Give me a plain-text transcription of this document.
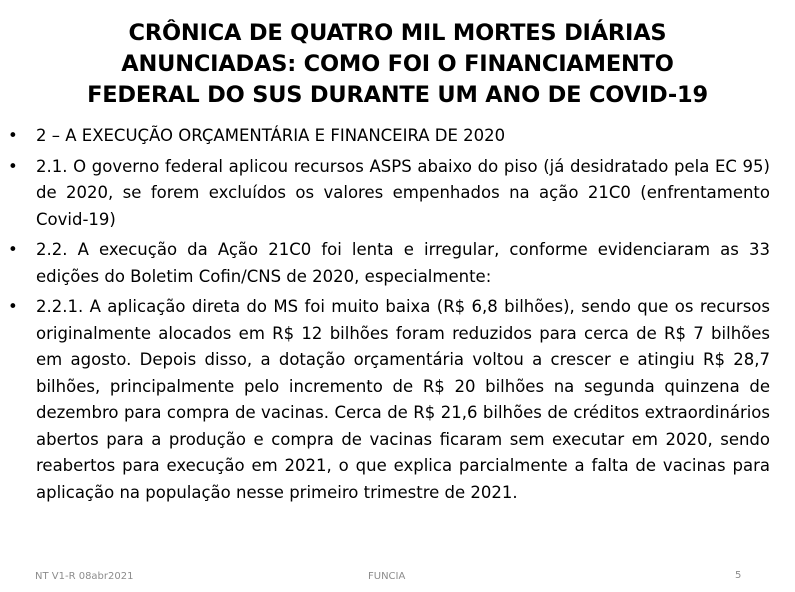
CRÔNICA DE QUATRO MIL MORTES DIÁRIAS
ANUNCIADAS: COMO FOI O FINANCIAMENTO
FEDERAL DO SUS DURANTE UM ANO DE COVID-19
• 2 – A EXECUÇÃO ORÇAMENTÁRIA E FINANCEIRA DE 2020
• 2.1. O governo federal aplicou recursos ASPS abaixo do piso (já desidratado pela EC 95) de 2020, se forem excluídos os valores empenhados na ação 21C0 (enfrentamento Covid-19)
• 2.2. A execução da Ação 21C0 foi lenta e irregular, conforme evidenciaram as 33 edições do Boletim Cofin/CNS de 2020, especialmente:
• 2.2.1. A aplicação direta do MS foi muito baixa (R$ 6,8 bilhões), sendo que os recursos originalmente alocados em R$ 12 bilhões foram reduzidos para cerca de R$ 7 bilhões em agosto. Depois disso, a dotação orçamentária voltou a crescer e atingiu R$ 28,7 bilhões, principalmente pelo incremento de R$ 20 bilhões na segunda quinzena de dezembro para compra de vacinas. Cerca de R$ 21,6 bilhões de créditos extraordinários abertos para a produção e compra de vacinas ficaram sem executar em 2020, sendo reabertos para execução em 2021, o que explica parcialmente a falta de vacinas para aplicação na população nesse primeiro trimestre de 2021.
NT V1-R 08abr2021	FUNCIA	5
